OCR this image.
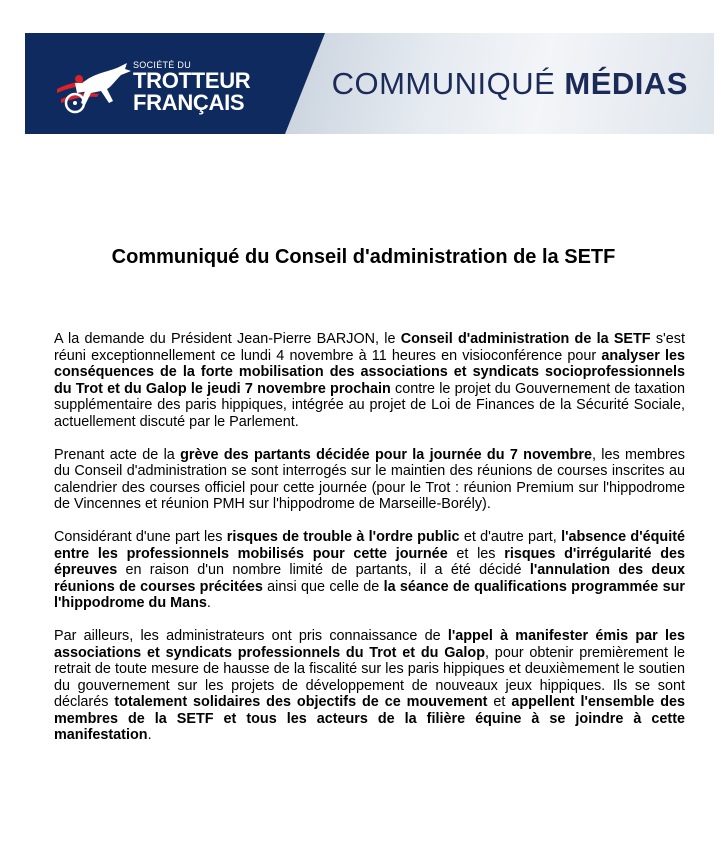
SOCIÉTÉ DU
TROTTEUR
FRANÇAIS
COMMUNIQUÉ MÉDIAS
Communiqué du Conseil d'administration de la SETF

A la demande du Président Jean-Pierre BARJON, le Conseil d'administration de la SETF s'est réuni exceptionnellement ce lundi 4 novembre à 11 heures en visioconférence pour analyser les conséquences de la forte mobilisation des associations et syndicats socioprofessionnels du Trot et du Galop le jeudi 7 novembre prochain contre le projet du Gouvernement de taxation supplémentaire des paris hippiques, intégrée au projet de Loi de Finances de la Sécurité Sociale, actuellement discuté par le Parlement.

Prenant acte de la grève des partants décidée pour la journée du 7 novembre, les membres du Conseil d'administration se sont interrogés sur le maintien des réunions de courses inscrites au calendrier des courses officiel pour cette journée (pour le Trot : réunion Premium sur l'hippodrome de Vincennes et réunion PMH sur l'hippodrome de Marseille-Borély).

Considérant d'une part les risques de trouble à l'ordre public et d'autre part, l'absence d'équité entre les professionnels mobilisés pour cette journée et les risques d'irrégularité des épreuves en raison d'un nombre limité de partants, il a été décidé l'annulation des deux réunions de courses précitées ainsi que celle de la séance de qualifications programmée sur l'hippodrome du Mans.

Par ailleurs, les administrateurs ont pris connaissance de l'appel à manifester émis par les associations et syndicats professionnels du Trot et du Galop, pour obtenir premièrement le retrait de toute mesure de hausse de la fiscalité sur les paris hippiques et deuxièmement le soutien du gouvernement sur les projets de développement de nouveaux jeux hippiques. Ils se sont déclarés totalement solidaires des objectifs de ce mouvement et appellent l'ensemble des membres de la SETF et tous les acteurs de la filière équine à se joindre à cette manifestation.
